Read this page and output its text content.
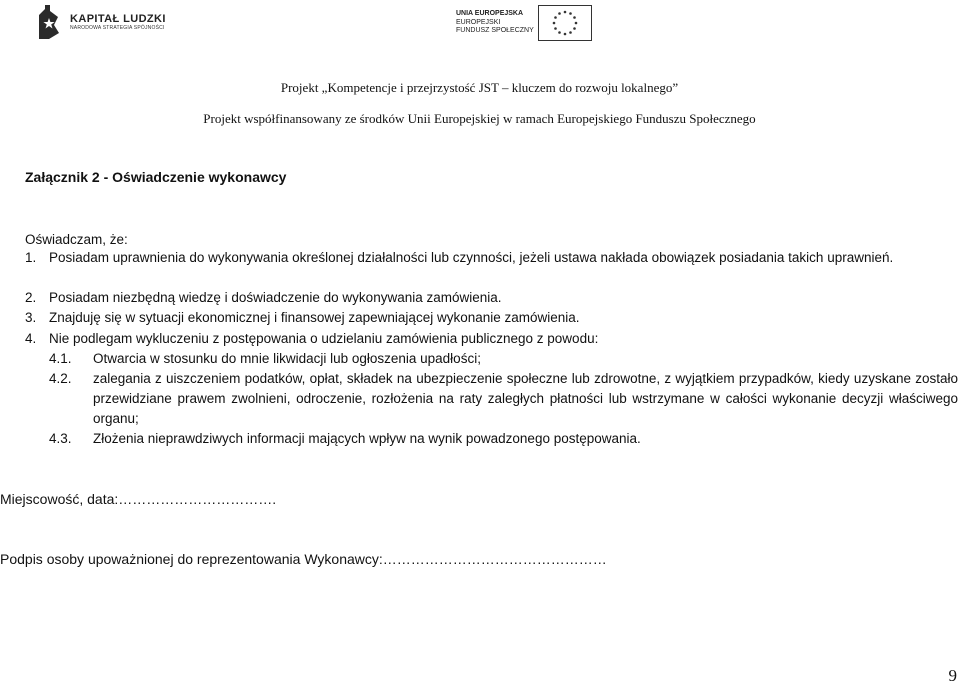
KAPITAŁ LUDZKI
NARODOWA STRATEGIA SPÓJNOŚCI
UNIA EUROPEJSKA
EUROPEJSKI
FUNDUSZ SPOŁECZNY
Projekt „Kompetencje i przejrzystość JST – kluczem do rozwoju lokalnego”
Projekt współfinansowany ze środków Unii Europejskiej w ramach Europejskiego Funduszu Społecznego
Załącznik 2 - Oświadczenie wykonawcy
Oświadczam, że:
1. Posiadam uprawnienia do wykonywania określonej działalności lub czynności, jeżeli ustawa nakłada obowiązek posiadania takich uprawnień.
2. Posiadam niezbędną wiedzę i doświadczenie do wykonywania zamówienia.
3. Znajduję się w sytuacji ekonomicznej i finansowej zapewniającej wykonanie zamówienia.
4. Nie podlegam wykluczeniu z postępowania o udzielaniu zamówienia publicznego z powodu:
4.1. Otwarcia w stosunku do mnie likwidacji lub ogłoszenia upadłości;
4.2. zalegania z uiszczeniem podatków, opłat, składek na ubezpieczenie społeczne lub zdrowotne, z wyjątkiem przypadków, kiedy uzyskane zostało przewidziane prawem zwolnieni, odroczenie, rozłożenia na raty zaległych płatności lub wstrzymane w całości wykonanie decyzji właściwego organu;
4.3. Złożenia nieprawdziwych informacji mających wpływ na wynik powadzonego postępowania.
Miejscowość, data:…………………………….
Podpis osoby upoważnionej do reprezentowania Wykonawcy:…………………………………………
9
